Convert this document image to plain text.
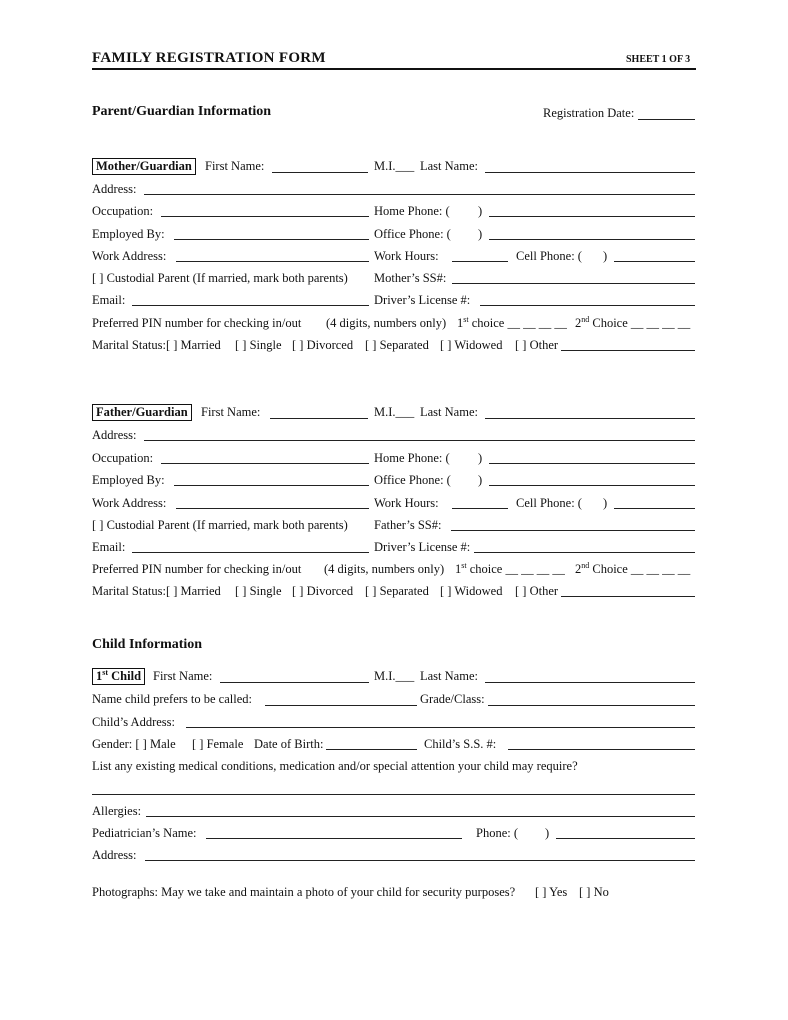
FAMILY REGISTRATION FORM	SHEET 1 OF 3
Parent/Guardian Information	Registration Date:
Mother/Guardian	First Name:	M.I.___ Last Name:
Address:
Occupation:	Home Phone: ( )
Employed By:	Office Phone: ( )
Work Address:	Work Hours:	Cell Phone: ( )
[ ] Custodial Parent (If married, mark both parents) Mother’s SS#:
Email:	Driver’s License #:
Preferred PIN number for checking in/out (4 digits, numbers only) 1st choice __ __ __ __ 2nd Choice __ __ __ __
Marital Status:[ ] Married [ ] Single [ ] Divorced [ ] Separated [ ] Widowed [ ] Other
Father/Guardian	First Name:	M.I.___ Last Name:
Address:
Occupation:	Home Phone: ( )
Employed By:	Office Phone: ( )
Work Address:	Work Hours:	Cell Phone: ( )
[ ] Custodial Parent (If married, mark both parents) Father’s SS#:
Email:	Driver’s License #:
Preferred PIN number for checking in/out (4 digits, numbers only) 1st choice __ __ __ __ 2nd Choice __ __ __ __
Marital Status:[ ] Married [ ] Single [ ] Divorced [ ] Separated [ ] Widowed [ ] Other
Child Information
1st Child First Name:	M.I.___ Last Name:
Name child prefers to be called:	Grade/Class:
Child’s Address:
Gender: [ ] Male [ ] Female Date of Birth:	Child’s S.S. #:
List any existing medical conditions, medication and/or special attention your child may require?
Allergies:
Pediatrician’s Name:	Phone: ( )
Address:
Photographs: May we take and maintain a photo of your child for security purposes? [ ] Yes [ ] No
